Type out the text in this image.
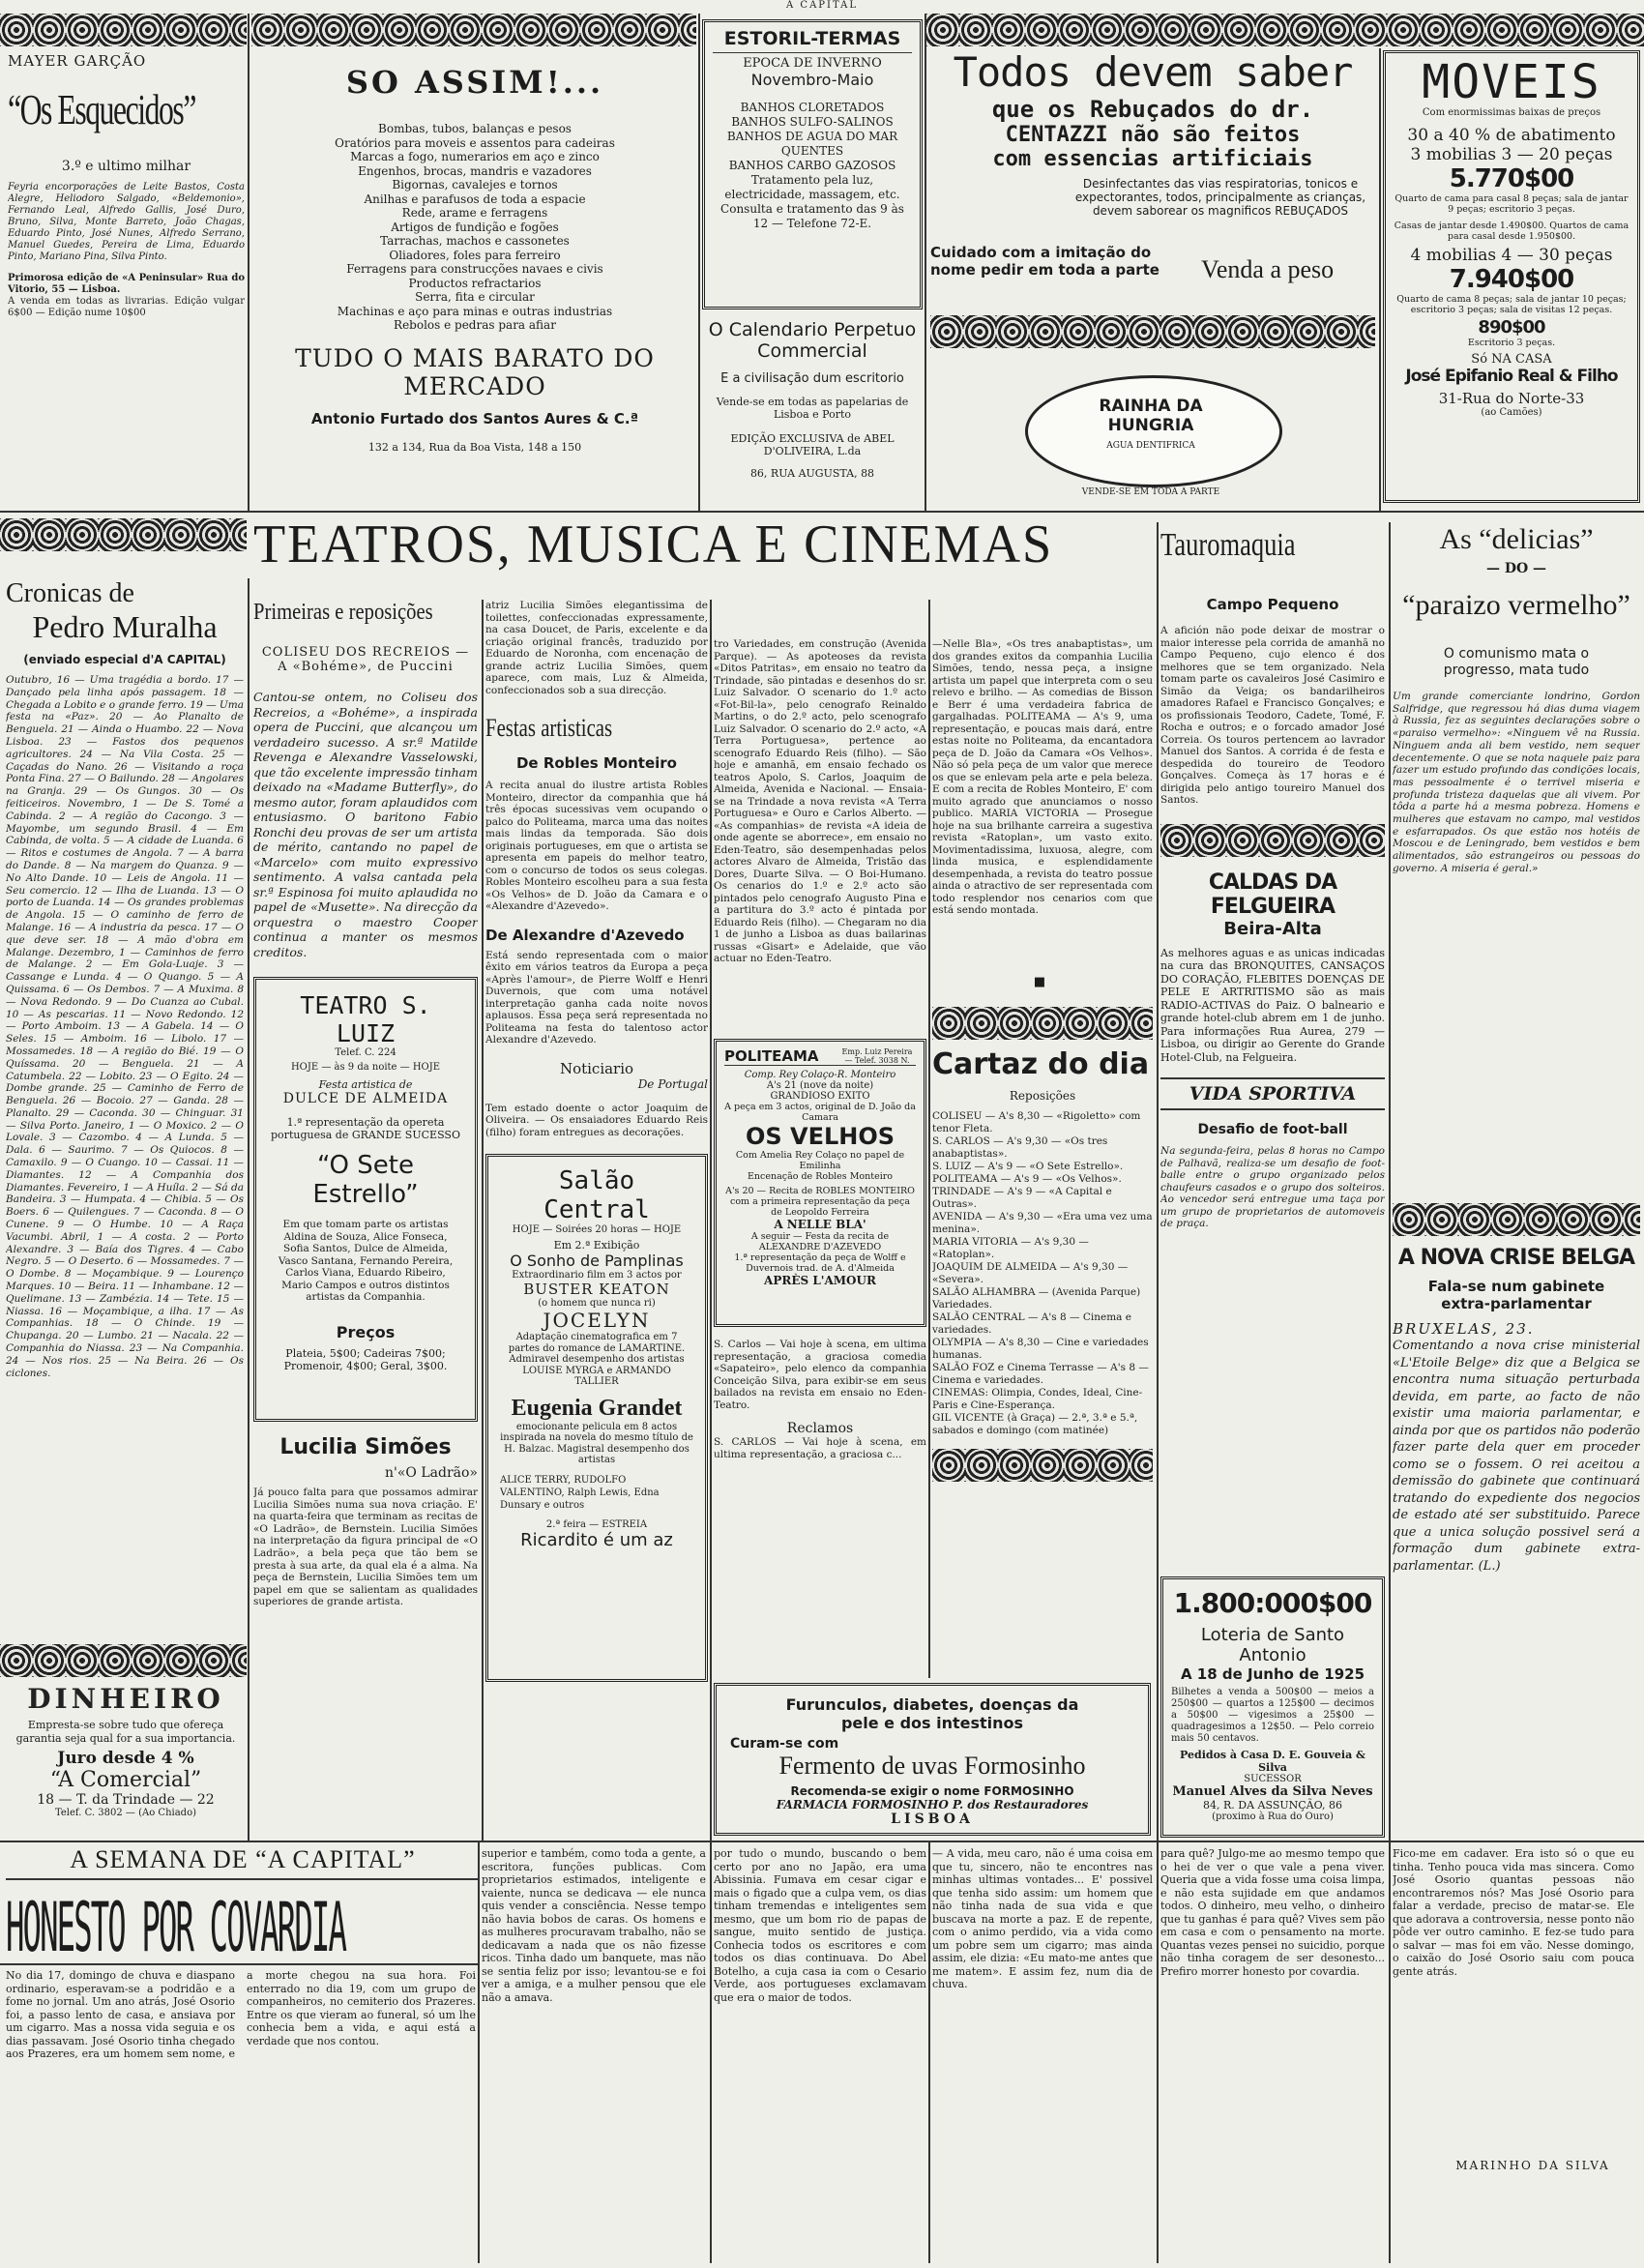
A CAPITAL
MAYER GARÇÃO
“Os Esquecidos”
3.º e ultimo milhar
Feyria encorporações de Leite Bastos, Costa Alegre, Heliodoro Salgado, «Beldemonio», Fernando Leal, Alfredo Gallis, José Duro, Bruno, Silva, Monte Barreto, João Chagas, Eduardo Pinto, José Nunes, Alfredo Serrano, Manuel Guedes, Pereira de Lima, Eduardo Pinto, Mariano Pina, Silva Pinto.
Primorosa edição de «A Peninsular» Rua do Vitorio, 55 — Lisboa.
A venda em todas as livrarias. Edição vulgar 6$00 — Edição nume 10$00
SO ASSIM!...
Bombas, tubos, balanças e pesos
Oratórios para moveis e assentos para cadeiras
Marcas a fogo, numerarios em aço e zinco
Engenhos, brocas, mandris e vazadores
Bigornas, cavalejes e tornos
Anilhas e parafusos de toda a espacie
Rede, arame e ferragens
Artigos de fundição e fogões
Tarrachas, machos e cassonetes
Oliadores, foles para ferreiro
Ferragens para construcções navaes e civis
Productos refractarios
Serra, fita e circular
Machinas e aço para minas e outras industrias
Rebolos e pedras para afiar
TUDO O MAIS BARATO DO MERCADO
Antonio Furtado dos Santos Aures & C.ª
132 a 134, Rua da Boa Vista, 148 a 150
ESTORIL-TERMAS
EPOCA DE INVERNO
Novembro-Maio
BANHOS CLORETADOS
BANHOS SULFO-SALINOS
BANHOS DE AGUA DO MAR QUENTES
BANHOS CARBO GAZOSOS
Tratamento pela luz, electricidade, massagem, etc.
Consulta e tratamento das 9 às 12 — Telefone 72-E.
O Calendario Perpetuo Commercial
E a civilisação dum escritorio
Vende-se em todas as papelarias de Lisboa e Porto
EDIÇÃO EXCLUSIVA de ABEL D'OLIVEIRA, L.da
86, RUA AUGUSTA, 88
Todos devem saber
que os Rebuçados do dr.
CENTAZZI não são feitos
com essencias artificiais
Desinfectantes das vias respiratorias, tonicos e expectorantes, todos, principalmente as crianças, devem saborear os magnificos REBUÇADOS
Cuidado com a imitação do nome pedir em toda a parte Venda a peso
RAINHA DA HUNGRIA
AGUA DENTIFRICA
VENDE-SE EM TODA A PARTE
MOVEIS
Com enormissimas baixas de preços
30 a 40 % de abatimento
3 mobilias 3 — 20 peças
5.770$00
Quarto de cama para casal 8 peças; sala de jantar 9 peças; escritorio 3 peças.
Casas de jantar desde 1.490$00. Quartos de cama para casal desde 1.950$00.
4 mobilias 4 — 30 peças
7.940$00
Quarto de cama 8 peças; sala de jantar 10 peças; escritorio 3 peças; sala de visitas 12 peças.
890$00
Escritorio 3 peças.
Só NA CASA
José Epifanio Real & Filho
31-Rua do Norte-33
(ao Camões)
TEATROS, MUSICA E CINEMAS
Cronicas de
Pedro Muralha
(enviado especial d'A CAPITAL)
Outubro, 16 — Uma tragédia a bordo. 17 — Dançado pela linha após passagem. 18 — Chegada a Lobito e o grande ferro. 19 — Uma festa na «Paz». 20 — Ao Planalto de Benguela. 21 — Ainda o Huambo. 22 — Nova Lisboa. 23 — Fastos dos pequenos agricultores. 24 — Na Vila Costa. 25 — Caçadas do Nano. 26 — Visitando a roça Ponta Fina. 27 — O Bailundo. 28 — Angolares na Granja. 29 — Os Gungos. 30 — Os feiticeiros. Novembro, 1 — De S. Tomé a Cabinda. 2 — A região do Cacongo. 3 — Mayombe, um segundo Brasil. 4 — Em Cabinda, de volta. 5 — A cidade de Luanda. 6 — Ritos e costumes de Angola. 7 — A barra do Dande. 8 — Na margem do Quanza. 9 — No Alto Dande. 10 — Leis de Angola. 11 — Seu comercio. 12 — Ilha de Luanda. 13 — O porto de Luanda. 14 — Os grandes problemas de Angola. 15 — O caminho de ferro de Malange. 16 — A industria da pesca. 17 — O que deve ser. 18 — A mão d'obra em Malange. Dezembro, 1 — Caminhos de ferro de Malange. 2 — Em Gola-Luaje. 3 — Cassange e Lunda. 4 — O Quango. 5 — A Quissama. 6 — Os Dembos. 7 — A Muxima. 8 — Nova Redondo. 9 — Do Cuanza ao Cubal. 10 — As pescarias. 11 — Novo Redondo. 12 — Porto Amboim. 13 — A Gabela. 14 — O Seles. 15 — Amboim. 16 — Libolo. 17 — Mossamedes. 18 — A região do Bié. 19 — O Quíssama. 20 — Benguela. 21 — A Catumbela. 22 — Lobito. 23 — O Egito. 24 — Dombe grande. 25 — Caminho de Ferro de Benguela. 26 — Bocoio. 27 — Ganda. 28 — Planalto. 29 — Caconda. 30 — Chinguar. 31 — Silva Porto. Janeiro, 1 — O Moxico. 2 — O Lovale. 3 — Cazombo. 4 — A Lunda. 5 — Dala. 6 — Saurimo. 7 — Os Quiocos. 8 — Camaxilo. 9 — O Cuango. 10 — Cassai. 11 — Diamantes. 12 — A Companhia dos Diamantes. Fevereiro, 1 — A Huíla. 2 — Sá da Bandeira. 3 — Humpata. 4 — Chibia. 5 — Os Boers. 6 — Quilengues. 7 — Caconda. 8 — O Cunene. 9 — O Humbe. 10 — A Raça Vacumbi. Abril, 1 — A costa. 2 — Porto Alexandre. 3 — Baía dos Tigres. 4 — Cabo Negro. 5 — O Deserto. 6 — Mossamedes. 7 — O Dombe. 8 — Moçambique. 9 — Lourenço Marques. 10 — Beira. 11 — Inhambane. 12 — Quelimane. 13 — Zambézia. 14 — Tete. 15 — Niassa. 16 — Moçambique, a ilha. 17 — As Companhias. 18 — O Chinde. 19 — Chupanga. 20 — Lumbo. 21 — Nacala. 22 — Companhia do Niassa. 23 — Na Companhia. 24 — Nos rios. 25 — Na Beira. 26 — Os ciclones.
DINHEIRO
Empresta-se sobre tudo que ofereça garantia seja qual for a sua importancia.
Juro desde 4 %
“A Comercial”
18 — T. da Trindade — 22
Telef. C. 3802 — (Ao Chiado)
Primeiras e reposições
COLISEU DOS RECREIOS — A «Bohéme», de Puccini
Cantou-se ontem, no Coliseu dos Recreios, a «Bohéme», a inspirada opera de Puccini, que alcançou um verdadeiro sucesso. A sr.ª Matilde Revenga e Alexandre Vasselowski, que tão excelente impressão tinham deixado na «Madame Butterfly», do mesmo autor, foram aplaudidos com entusiasmo. O baritono Fabio Ronchi deu provas de ser um artista de mérito, cantando no papel de «Marcelo» com muito expressivo sentimento. A valsa cantada pela sr.ª Espinosa foi muito aplaudida no papel de «Musette». Na direcção da orquestra o maestro Cooper continua a manter os mesmos creditos.
TEATRO S. LUIZ
Telef. C. 224
HOJE — às 9 da noite — HOJE
Festa artistica de
DULCE DE ALMEIDA
1.ª representação da opereta portuguesa de GRANDE SUCESSO
“O Sete Estrello”
Em que tomam parte os artistas Aldina de Souza, Alice Fonseca, Sofia Santos, Dulce de Almeida, Vasco Santana, Fernando Pereira, Carlos Viana, Eduardo Ribeiro, Mario Campos e outros distintos artistas da Companhia.
Preços
Plateia, 5$00; Cadeiras 7$00; Promenoir, 4$00; Geral, 3$00.
Lucilia Simões
n'«O Ladrão»
Já pouco falta para que possamos admirar Lucilia Simões numa sua nova criação. E' na quarta-feira que terminam as recitas de «O Ladrão», de Bernstein. Lucilia Simões na interpretação da figura principal de «O Ladrão», a bela peça que tão bem se presta à sua arte, da qual ela é a alma. Na peça de Bernstein, Lucilia Simões tem um papel em que se salientam as qualidades superiores de grande artista.
atriz Lucilia Simões elegantissima de toilettes, confeccionadas expressamente, na casa Doucet, de Paris, excelente e da criação original francês, traduzido por Eduardo de Noronha, com encenação de grande actriz Lucilia Simões, quem aparece, com mais, Luz & Almeida, confeccionados sob a sua direcção.
Festas artisticas
De Robles Monteiro
A recita anual do ilustre artista Robles Monteiro, director da companhia que há três épocas sucessivas vem ocupando o palco do Politeama, marca uma das noites mais lindas da temporada. São dois originais portugueses, em que o artista se apresenta em papeis do melhor teatro, com o concurso de todos os seus colegas. Robles Monteiro escolheu para a sua festa «Os Velhos» de D. João da Camara e o «Alexandre d'Azevedo».
De Alexandre d'Azevedo
Está sendo representada com o maior êxito em vários teatros da Europa a peça «Après l'amour», de Pierre Wolff e Henri Duvernois, que com uma notável interpretação ganha cada noite novos aplausos. Essa peça será representada no Politeama na festa do talentoso actor Alexandre d'Azevedo.
Noticiario
De Portugal
Tem estado doente o actor Joaquim de Oliveira. — Os ensaiadores Eduardo Reis (filho) foram entregues as decorações.
Salão Central
HOJE — Soirées 20 horas — HOJE
Em 2.ª Exibição
O Sonho de Pamplinas
Extraordinario film em 3 actos por
BUSTER KEATON
(o homem que nunca ri)
JOCELYN
Adaptação cinematografica em 7 partes do romance de LAMARTINE. Admiravel desempenho dos artistas LOUISE MYRGA e ARMANDO TALLIER
Eugenia Grandet
emocionante pelicula em 8 actos inspirada na novela do mesmo título de H. Balzac. Magistral desempenho dos artistas
ALICE TERRY, RUDOLFO VALENTINO, Ralph Lewis, Edna Dunsary e outros
2.ª feira — ESTREIA
Ricardito é um az
tro Variedades, em construção (Avenida Parque). — As apoteoses da revista «Ditos Patritas», em ensaio no teatro da Trindade, são pintadas e desenhos do sr. Luiz Salvador. O scenario do 1.º acto «Fot-Bil-la», pelo cenografo Reinaldo Martins, o do 2.º acto, pelo scenografo Luiz Salvador. O scenario do 2.º acto, «A Terra Portuguesa», pertence ao scenografo Eduardo Reis (filho). — São hoje e amanhã, em ensaio fechado os teatros Apolo, S. Carlos, Joaquim de Almeida, Avenida e Nacional. — Ensaia-se na Trindade a nova revista «A Terra Portuguesa» e Ouro e Carlos Alberto. — «As companhias» de revista «A ideia de onde agente se aborrece», em ensaio no Eden-Teatro, são desempenhadas pelos actores Alvaro de Almeida, Tristão das Dores, Duarte Silva. — O Boi-Humano. Os cenarios do 1.º e 2.º acto são pintados pelo cenografo Augusto Pina e a partitura do 3.º acto é pintada por Eduardo Reis (filho). — Chegaram no dia 1 de junho a Lisboa as duas bailarinas russas «Gisart» e Adelaide, que vão actuar no Eden-Teatro.
POLITEAMA	Emp. Luiz Pereira — Telef. 3038 N.
Comp. Rey Colaço-R. Monteiro
A's 21 (nove da noite)
GRANDIOSO EXITO
A peça em 3 actos, original de D. João da Camara
OS VELHOS
Com Amelia Rey Colaço no papel de Emilinha
Encenação de Robles Monteiro
A's 20 — Recita de ROBLES MONTEIRO com a primeira representação da peça de Leopoldo Ferreira
A NELLE BLA'
A seguir — Festa da recita de ALEXANDRE D'AZEVEDO
1.ª representação da peça de Wolff e Duvernois trad. de A. d'Almeida
APRÈS L'AMOUR
S. Carlos — Vai hoje à scena, em ultima representação, a graciosa comedia «Sapateiro», pelo elenco da companhia Conceição Silva, para exibir-se em seus bailados na revista em ensaio no Eden-Teatro.
Reclamos
S. CARLOS — Vai hoje à scena, em ultima representação, a graciosa c...
Furunculos, diabetes, doenças da pele e dos intestinos
Curam-se com
Fermento de uvas Formosinho
Recomenda-se exigir o nome FORMOSINHO
FARMACIA FORMOSINHO P. dos Restauradores
LISBOA
—Nelle Bla», «Os tres anabaptistas», um dos grandes exitos da companhia Lucilia Simões, tendo, nessa peça, a insigne artista um papel que interpreta com o seu relevo e brilho. — As comedias de Bisson e Berr é uma verdadeira fabrica de gargalhadas. POLITEAMA — A's 9, uma representação, e poucas mais dará, entre estas noite no Politeama, da encantadora peça de D. João da Camara «Os Velhos». Não só pela peça de um valor que merece os que se enlevam pela arte e pela beleza. E com a recita de Robles Monteiro, E' com muito agrado que anunciamos o nosso publico. MARIA VICTORIA — Prosegue hoje na sua brilhante carreira a sugestiva revista «Ratoplan», um vasto exito. Movimentadissima, luxuosa, alegre, com linda musica, e esplendidamente desempenhada, a revista do teatro possue ainda o atractivo de ser representada com todo resplendor nos cenarios com que está sendo montada.
■
Cartaz do dia
Reposições
COLISEU — A's 8,30 — «Rigoletto» com tenor Fleta.
S. CARLOS — A's 9,30 — «Os tres anabaptistas».
S. LUIZ — A's 9 — «O Sete Estrello».
POLITEAMA — A's 9 — «Os Velhos».
TRINDADE — A's 9 — «A Capital e Outras».
AVENIDA — A's 9,30 — «Era uma vez uma menina».
MARIA VITORIA — A's 9,30 — «Ratoplan».
JOAQUIM DE ALMEIDA — A's 9,30 — «Severa».
SALÃO ALHAMBRA — (Avenida Parque) Variedades.
SALÃO CENTRAL — A's 8 — Cinema e variedades.
OLYMPIA — A's 8,30 — Cine e variedades humanas.
SALÃO FOZ e Cinema Terrasse — A's 8 — Cinema e variedades.
CINEMAS: Olimpia, Condes, Ideal, Cine-Paris e Cine-Esperança.
GIL VICENTE (à Graça) — 2.ª, 3.ª e 5.ª, sabados e domingo (com matinée)
Tauromaquia
Campo Pequeno
A afición não pode deixar de mostrar o maior interesse pela corrida de amanhã no Campo Pequeno, cujo elenco é dos melhores que se tem organizado. Nela tomam parte os cavaleiros José Casimiro e Simão da Veiga; os bandarilheiros amadores Rafael e Francisco Gonçalves; e os profissionais Teodoro, Cadete, Tomé, F. Rocha e outros; e o forcado amador José Correia. Os touros pertencem ao lavrador Manuel dos Santos. A corrida é de festa e despedida do toureiro de Teodoro Gonçalves. Começa às 17 horas e é dirigida pelo antigo toureiro Manuel dos Santos.
CALDAS DA FELGUEIRA
Beira-Alta
As melhores aguas e as unicas indicadas na cura das BRONQUITES, CANSAÇOS DO CORAÇÃO, FLEBITES DOENÇAS DE PELE E ARTRITISMO são as mais RADIO-ACTIVAS do Paiz. O balneario e grande hotel-club abrem em 1 de junho. Para informações Rua Aurea, 279 — Lisboa, ou dirigir ao Gerente do Grande Hotel-Club, na Felgueira.
VIDA SPORTIVA
Desafio de foot-ball
Na segunda-feira, pelas 8 horas no Campo de Palhavã, realiza-se um desafio de foot-balle entre o grupo organizado pelos chaufeurs casados e o grupo dos solteiros. Ao vencedor será entregue uma taça por um grupo de proprietarios de automoveis de praça.
1.800:000$00
Loteria de Santo Antonio
A 18 de Junho de 1925
Bilhetes a venda a 500$00 — meios a 250$00 — quartos a 125$00 — decimos a 50$00 — vigesimos a 25$00 — quadragesimos a 12$50. — Pelo correio mais 50 centavos.
Pedidos à Casa D. E. Gouveia & Silva
SUCESSOR
Manuel Alves da Silva Neves
84, R. DA ASSUNÇÃO, 86
(proximo à Rua do Ouro)
As “delicias”
— DO —
“paraizo vermelho”
O comunismo mata o progresso, mata tudo
Um grande comerciante londrino, Gordon Salfridge, que regressou há dias duma viagem à Russia, fez as seguintes declarações sobre o «paraiso vermelho»: «Ninguem vê na Russia. Ninguem anda ali bem vestido, nem sequer decentemente. O que se nota naquele paiz para fazer um estudo profundo das condições locais, mas pessoalmente é o terrivel miseria e profunda tristeza daquelas que ali vivem. Por tôda a parte há a mesma pobreza. Homens e mulheres que estavam no campo, mal vestidos e esfarrapados. Os que estão nos hotéis de Moscou e de Leningrado, bem vestidos e bem alimentados, são estrangeiros ou pessoas do governo. A miseria é geral.»
A NOVA CRISE BELGA
Fala-se num gabinete extra-parlamentar
BRUXELAS, 23.
Comentando a nova crise ministerial «L'Etoile Belge» diz que a Belgica se encontra numa situação perturbada devida, em parte, ao facto de não existir uma maioria parlamentar, e ainda por que os partidos não poderão fazer parte dela quer em proceder como se o fossem. O rei aceitou a demissão do gabinete que continuará tratando do expediente dos negocios de estado até ser substituido. Parece que a unica solução possivel será a formação dum gabinete extra-parlamentar. (L.)
A SEMANA DE “A CAPITAL”
HONESTO POR COVARDIA
No dia 17, domingo de chuva e diaspano ordinario, esperavam-se a podridão e a fome no jornal. Um ano atrás, José Osorio foi, a passo lento de casa, e ansiava por um cigarro. Mas a nossa vida seguia e os dias passavam. José Osorio tinha chegado aos Prazeres, era um homem sem nome, e a morte chegou na sua hora. Foi enterrado no dia 19, com um grupo de companheiros, no cemiterio dos Prazeres. Entre os que vieram ao funeral, só um lhe conhecia bem a vida, e aqui está a verdade que nos contou.
superior e também, como toda a gente, a escritora, funções publicas. Com proprietarios estimados, inteligente e vaiente, nunca se dedicava — ele nunca quis vender a consciência. Nesse tempo não havia bobos de caras. Os homens e as mulheres procuravam trabalho, não se dedicavam a nada que os não fizesse ricos. Tinha dado um banquete, mas não se sentia feliz por isso; levantou-se e foi ver a amiga, e a mulher pensou que ele não a amava.
por tudo o mundo, buscando o bem certo por ano no Japão, era uma Abissinia. Fumava em cesar cigar e mais o figado que a culpa vem, os dias tinham tremendas e inteligentes sem mesmo, que um bom rio de papas de sangue, muito sentido de justiça. Conhecia todos os escritores e com todos os dias continuava. Do Abel Botelho, a cuja casa ia com o Cesario Verde, aos portugueses exclamavam que era o maior de todos.
— A vida, meu caro, não é uma coisa em que tu, sincero, não te encontres nas minhas ultimas vontades... E' possivel que tenha sido assim: um homem que não tinha nada de sua vida e que buscava na morte a paz. E de repente, com o animo perdido, via a vida como um pobre sem um cigarro; mas ainda assim, ele dizia: «Eu mato-me antes que me matem». E assim fez, num dia de chuva.
para quê? Julgo-me ao mesmo tempo que o hei de ver o que vale a pena viver. Queria que a vida fosse uma coisa limpa, e não esta sujidade em que andamos todos. O dinheiro, meu velho, o dinheiro que tu ganhas é para quê? Vives sem pão em casa e com o pensamento na morte. Quantas vezes pensei no suicidio, porque não tinha coragem de ser desonesto... Prefiro morrer honesto por covardia.
Fico-me em cadaver. Era isto só o que eu tinha. Tenho pouca vida mas sincera. Como José Osorio quantas pessoas não encontraremos nós? Mas José Osorio para falar a verdade, preciso de matar-se. Ele que adorava a controversia, nesse ponto não pôde ver outro caminho. E fez-se tudo para o salvar — mas foi em vão. Nesse domingo, o caixão do José Osorio saiu com pouca gente atrás.
MARINHO DA SILVA
